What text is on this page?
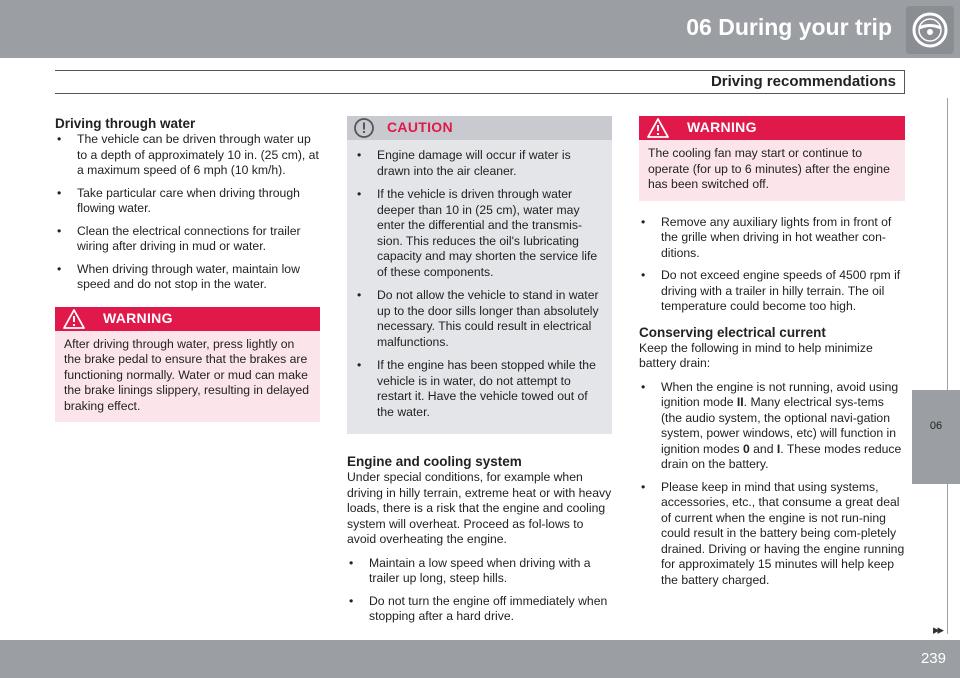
06 During your trip
Driving recommendations
06
Driving through water
• The vehicle can be driven through water up to a depth of approximately 10 in. (25 cm), at a maximum speed of 6 mph (10 km/h).
• Take particular care when driving through flowing water.
• Clean the electrical connections for trailer wiring after driving in mud or water.
• When driving through water, maintain low speed and do not stop in the water.
WARNING
After driving through water, press lightly on the brake pedal to ensure that the brakes are functioning normally. Water or mud can make the brake linings slippery, resulting in delayed braking effect.
CAUTION
• Engine damage will occur if water is drawn into the air cleaner.
• If the vehicle is driven through water deeper than 10 in (25 cm), water may enter the differential and the transmis-sion. This reduces the oil's lubricating capacity and may shorten the service life of these components.
• Do not allow the vehicle to stand in water up to the door sills longer than absolutely necessary. This could result in electrical malfunctions.
• If the engine has been stopped while the vehicle is in water, do not attempt to restart it. Have the vehicle towed out of the water.
Engine and cooling system

Under special conditions, for example when driving in hilly terrain, extreme heat or with heavy loads, there is a risk that the engine and cooling system will overheat. Proceed as fol-lows to avoid overheating the engine.

• Maintain a low speed when driving with a trailer up long, steep hills.
• Do not turn the engine off immediately when stopping after a hard drive.
WARNING
The cooling fan may start or continue to operate (for up to 6 minutes) after the engine has been switched off.
• Remove any auxiliary lights from in front of the grille when driving in hot weather con-ditions.
• Do not exceed engine speeds of 4500 rpm if driving with a trailer in hilly terrain. The oil temperature could become too high.
Conserving electrical current

Keep the following in mind to help minimize battery drain:

• When the engine is not running, avoid using ignition mode II. Many electrical sys-tems (the audio system, the optional navi-gation system, power windows, etc) will function in ignition modes 0 and I. These modes reduce drain on the battery.
• Please keep in mind that using systems, accessories, etc., that consume a great deal of current when the engine is not run-ning could result in the battery being com-pletely drained. Driving or having the engine running for approximately 15 minutes will help keep the battery charged.
▸▸
239
